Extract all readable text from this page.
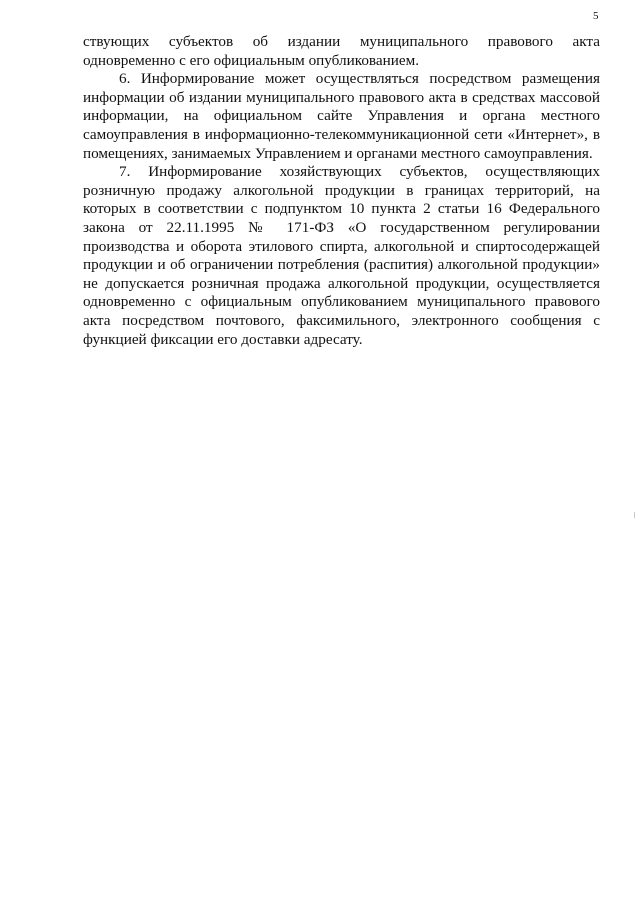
5

ствующих субъектов об издании муниципального правового акта одновременно с его официальным опубликованием.

6. Информирование может осуществляться посредством размещения информации об издании муниципального правового акта в средствах массовой информации, на официальном сайте Управления и органа местного самоуправления в информационно-телекоммуникационной сети «Интернет», в помещениях, занимаемых Управлением и органами местного самоуправления.

7. Информирование хозяйствующих субъектов, осуществляющих розничную продажу алкогольной продукции в границах территорий, на которых в соответствии с подпунктом 10 пункта 2 статьи 16 Федерального закона от 22.11.1995 № 171-ФЗ «О государственном регулировании производства и оборота этилового спирта, алкогольной и спиртосодержащей продукции и об ограничении потребления (распития) алкогольной продукции» не допускается розничная продажа алкогольной продукции, осуществляется одновременно с официальным опубликованием муниципального правового акта посредством почтового, факсимильного, электронного сообщения с функцией фиксации его доставки адресату.
